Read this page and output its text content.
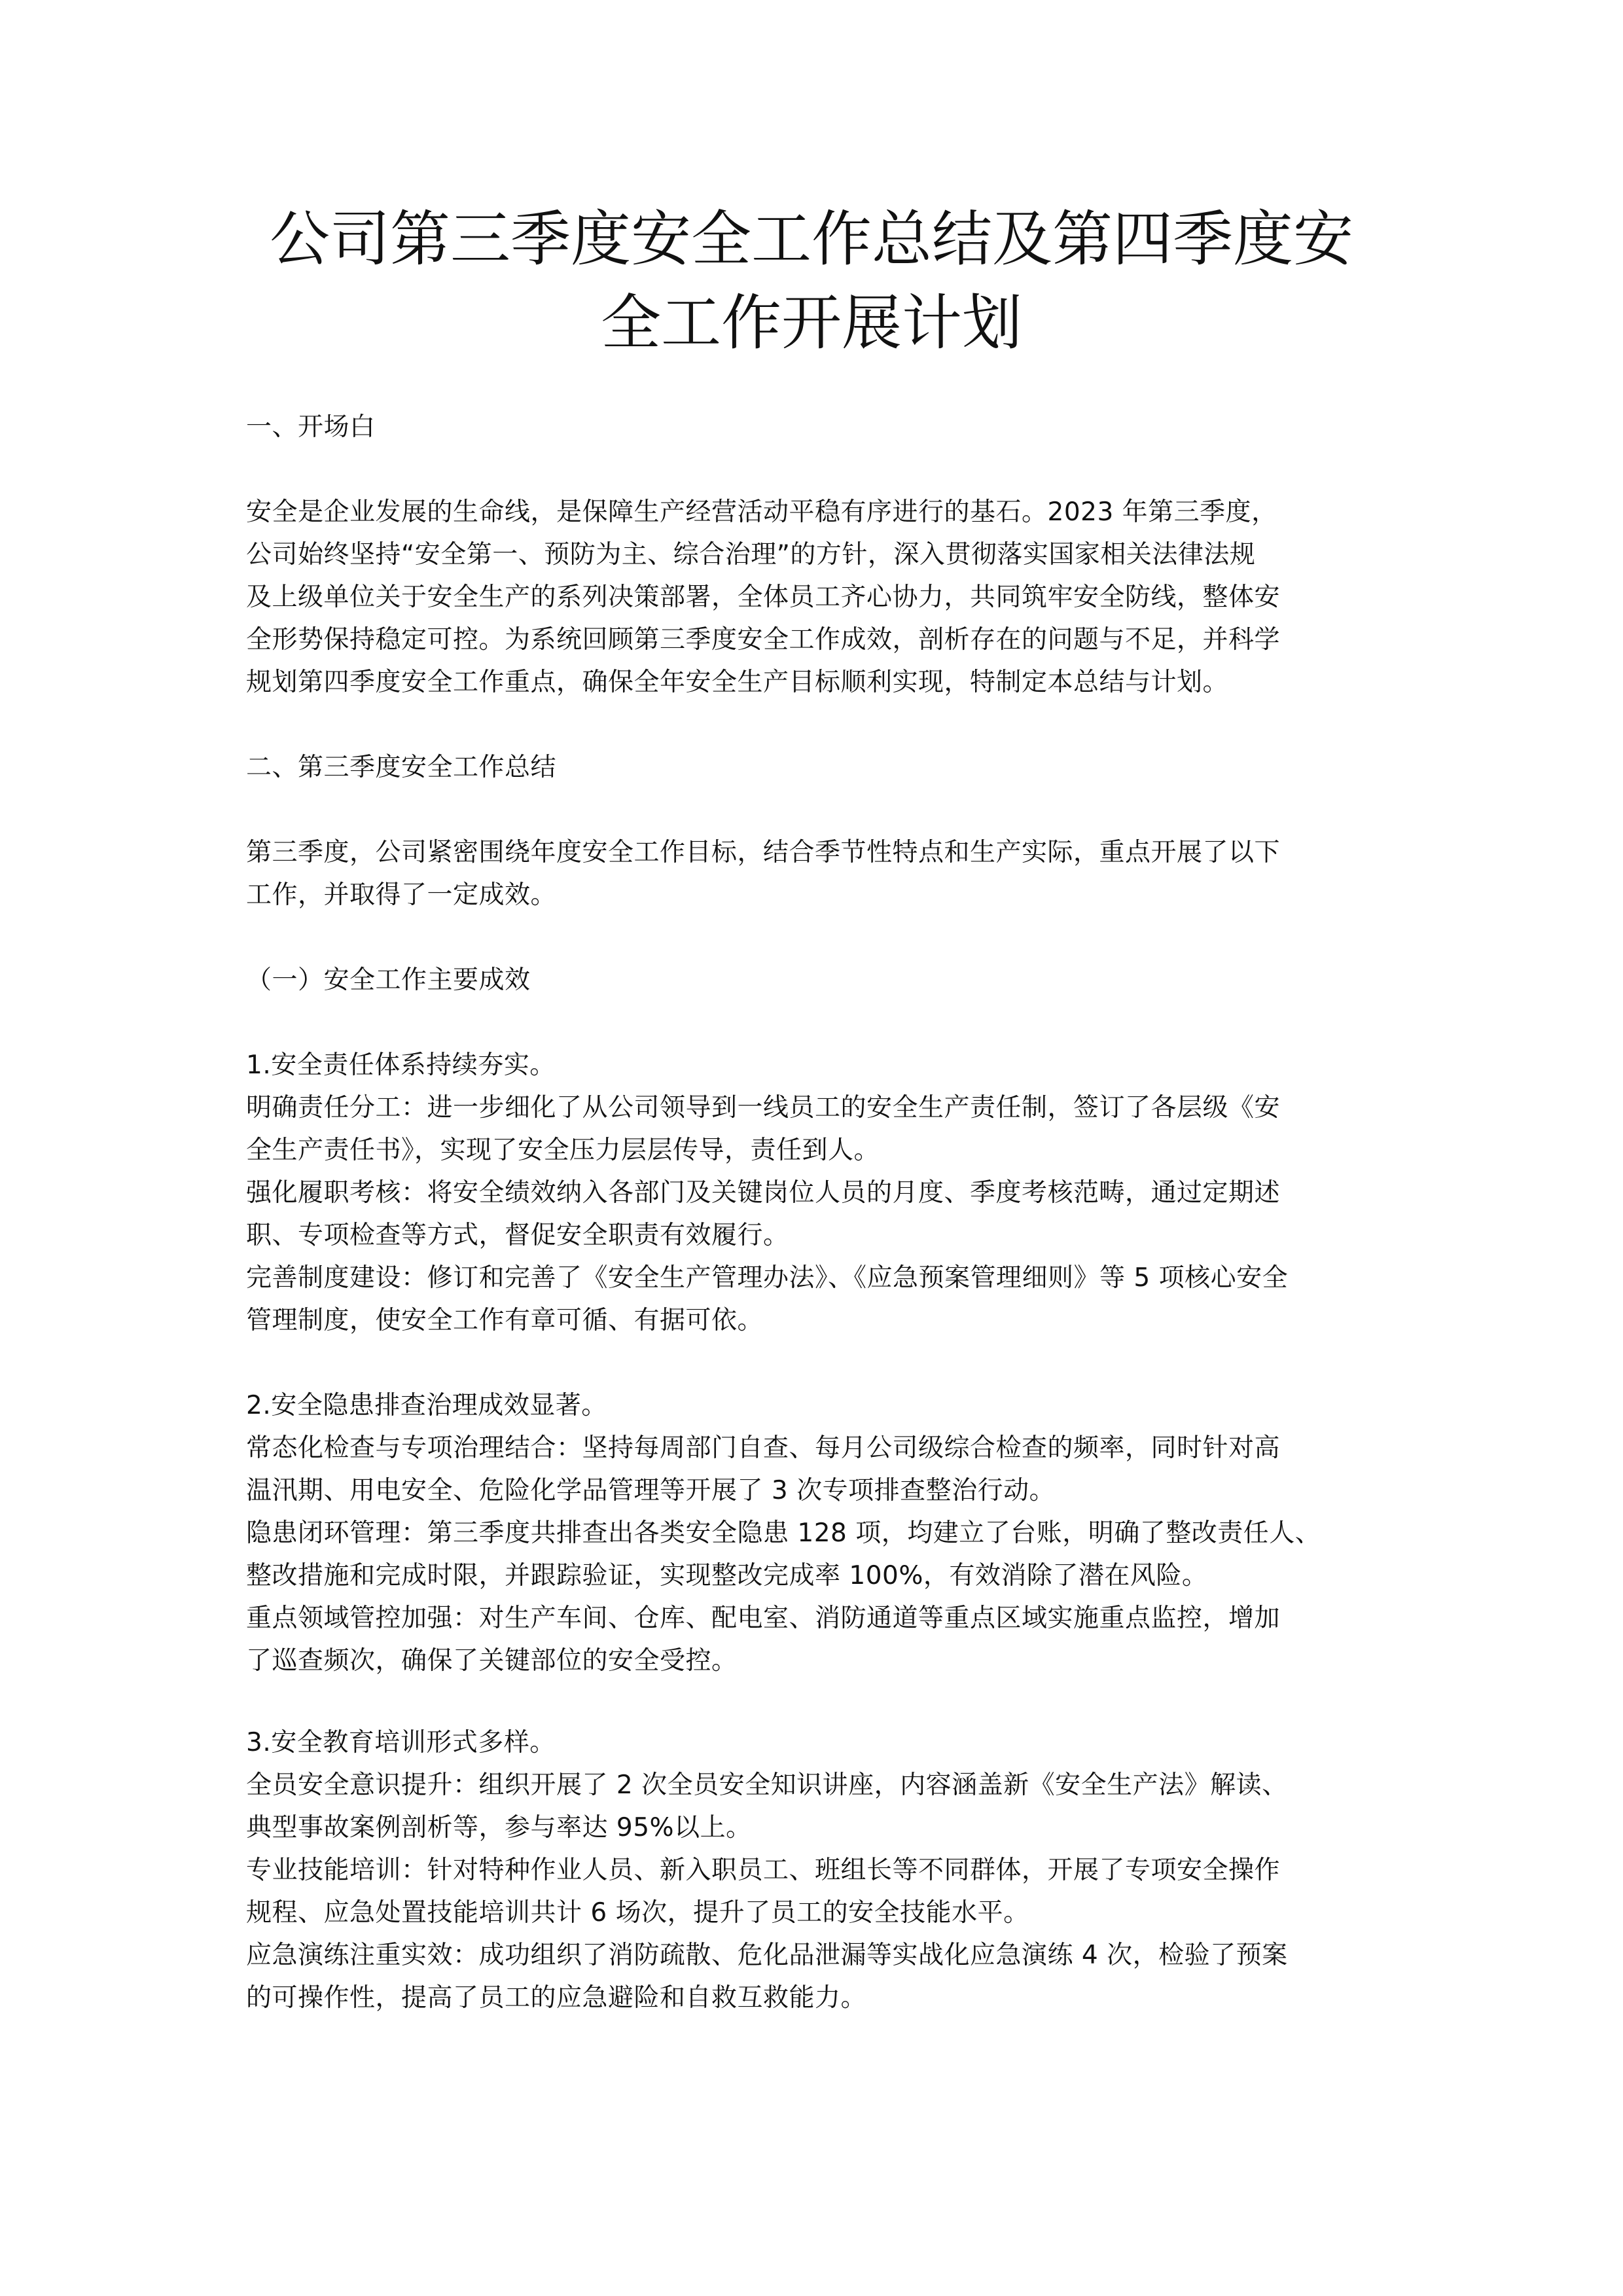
公司第三季度安全工作总结及第四季度安
全工作开展计划
一、开场白
安全是企业发展的生命线，是保障生产经营活动平稳有序进行的基石。2023 年第三季度，
公司始终坚持“安全第一、预防为主、综合治理”的方针，深入贯彻落实国家相关法律法规
及上级单位关于安全生产的系列决策部署，全体员工齐心协力，共同筑牢安全防线，整体安
全形势保持稳定可控。为系统回顾第三季度安全工作成效，剖析存在的问题与不足，并科学
规划第四季度安全工作重点，确保全年安全生产目标顺利实现，特制定本总结与计划。
二、第三季度安全工作总结
第三季度，公司紧密围绕年度安全工作目标，结合季节性特点和生产实际，重点开展了以下
工作，并取得了一定成效。
（一）安全工作主要成效
1.安全责任体系持续夯实。
明确责任分工：进一步细化了从公司领导到一线员工的安全生产责任制，签订了各层级《安
全生产责任书》，实现了安全压力层层传导，责任到人。
强化履职考核：将安全绩效纳入各部门及关键岗位人员的月度、季度考核范畴，通过定期述
职、专项检查等方式，督促安全职责有效履行。
完善制度建设：修订和完善了《安全生产管理办法》、《应急预案管理细则》等 5 项核心安全
管理制度，使安全工作有章可循、有据可依。
2.安全隐患排查治理成效显著。
常态化检查与专项治理结合：坚持每周部门自查、每月公司级综合检查的频率，同时针对高
温汛期、用电安全、危险化学品管理等开展了 3 次专项排查整治行动。
隐患闭环管理：第三季度共排查出各类安全隐患 128 项，均建立了台账，明确了整改责任人、
整改措施和完成时限，并跟踪验证，实现整改完成率 100%，有效消除了潜在风险。
重点领域管控加强：对生产车间、仓库、配电室、消防通道等重点区域实施重点监控，增加
了巡查频次，确保了关键部位的安全受控。
3.安全教育培训形式多样。
全员安全意识提升：组织开展了 2 次全员安全知识讲座，内容涵盖新《安全生产法》解读、
典型事故案例剖析等，参与率达 95%以上。
专业技能培训：针对特种作业人员、新入职员工、班组长等不同群体，开展了专项安全操作
规程、应急处置技能培训共计 6 场次，提升了员工的安全技能水平。
应急演练注重实效：成功组织了消防疏散、危化品泄漏等实战化应急演练 4 次，检验了预案
的可操作性，提高了员工的应急避险和自救互救能力。
